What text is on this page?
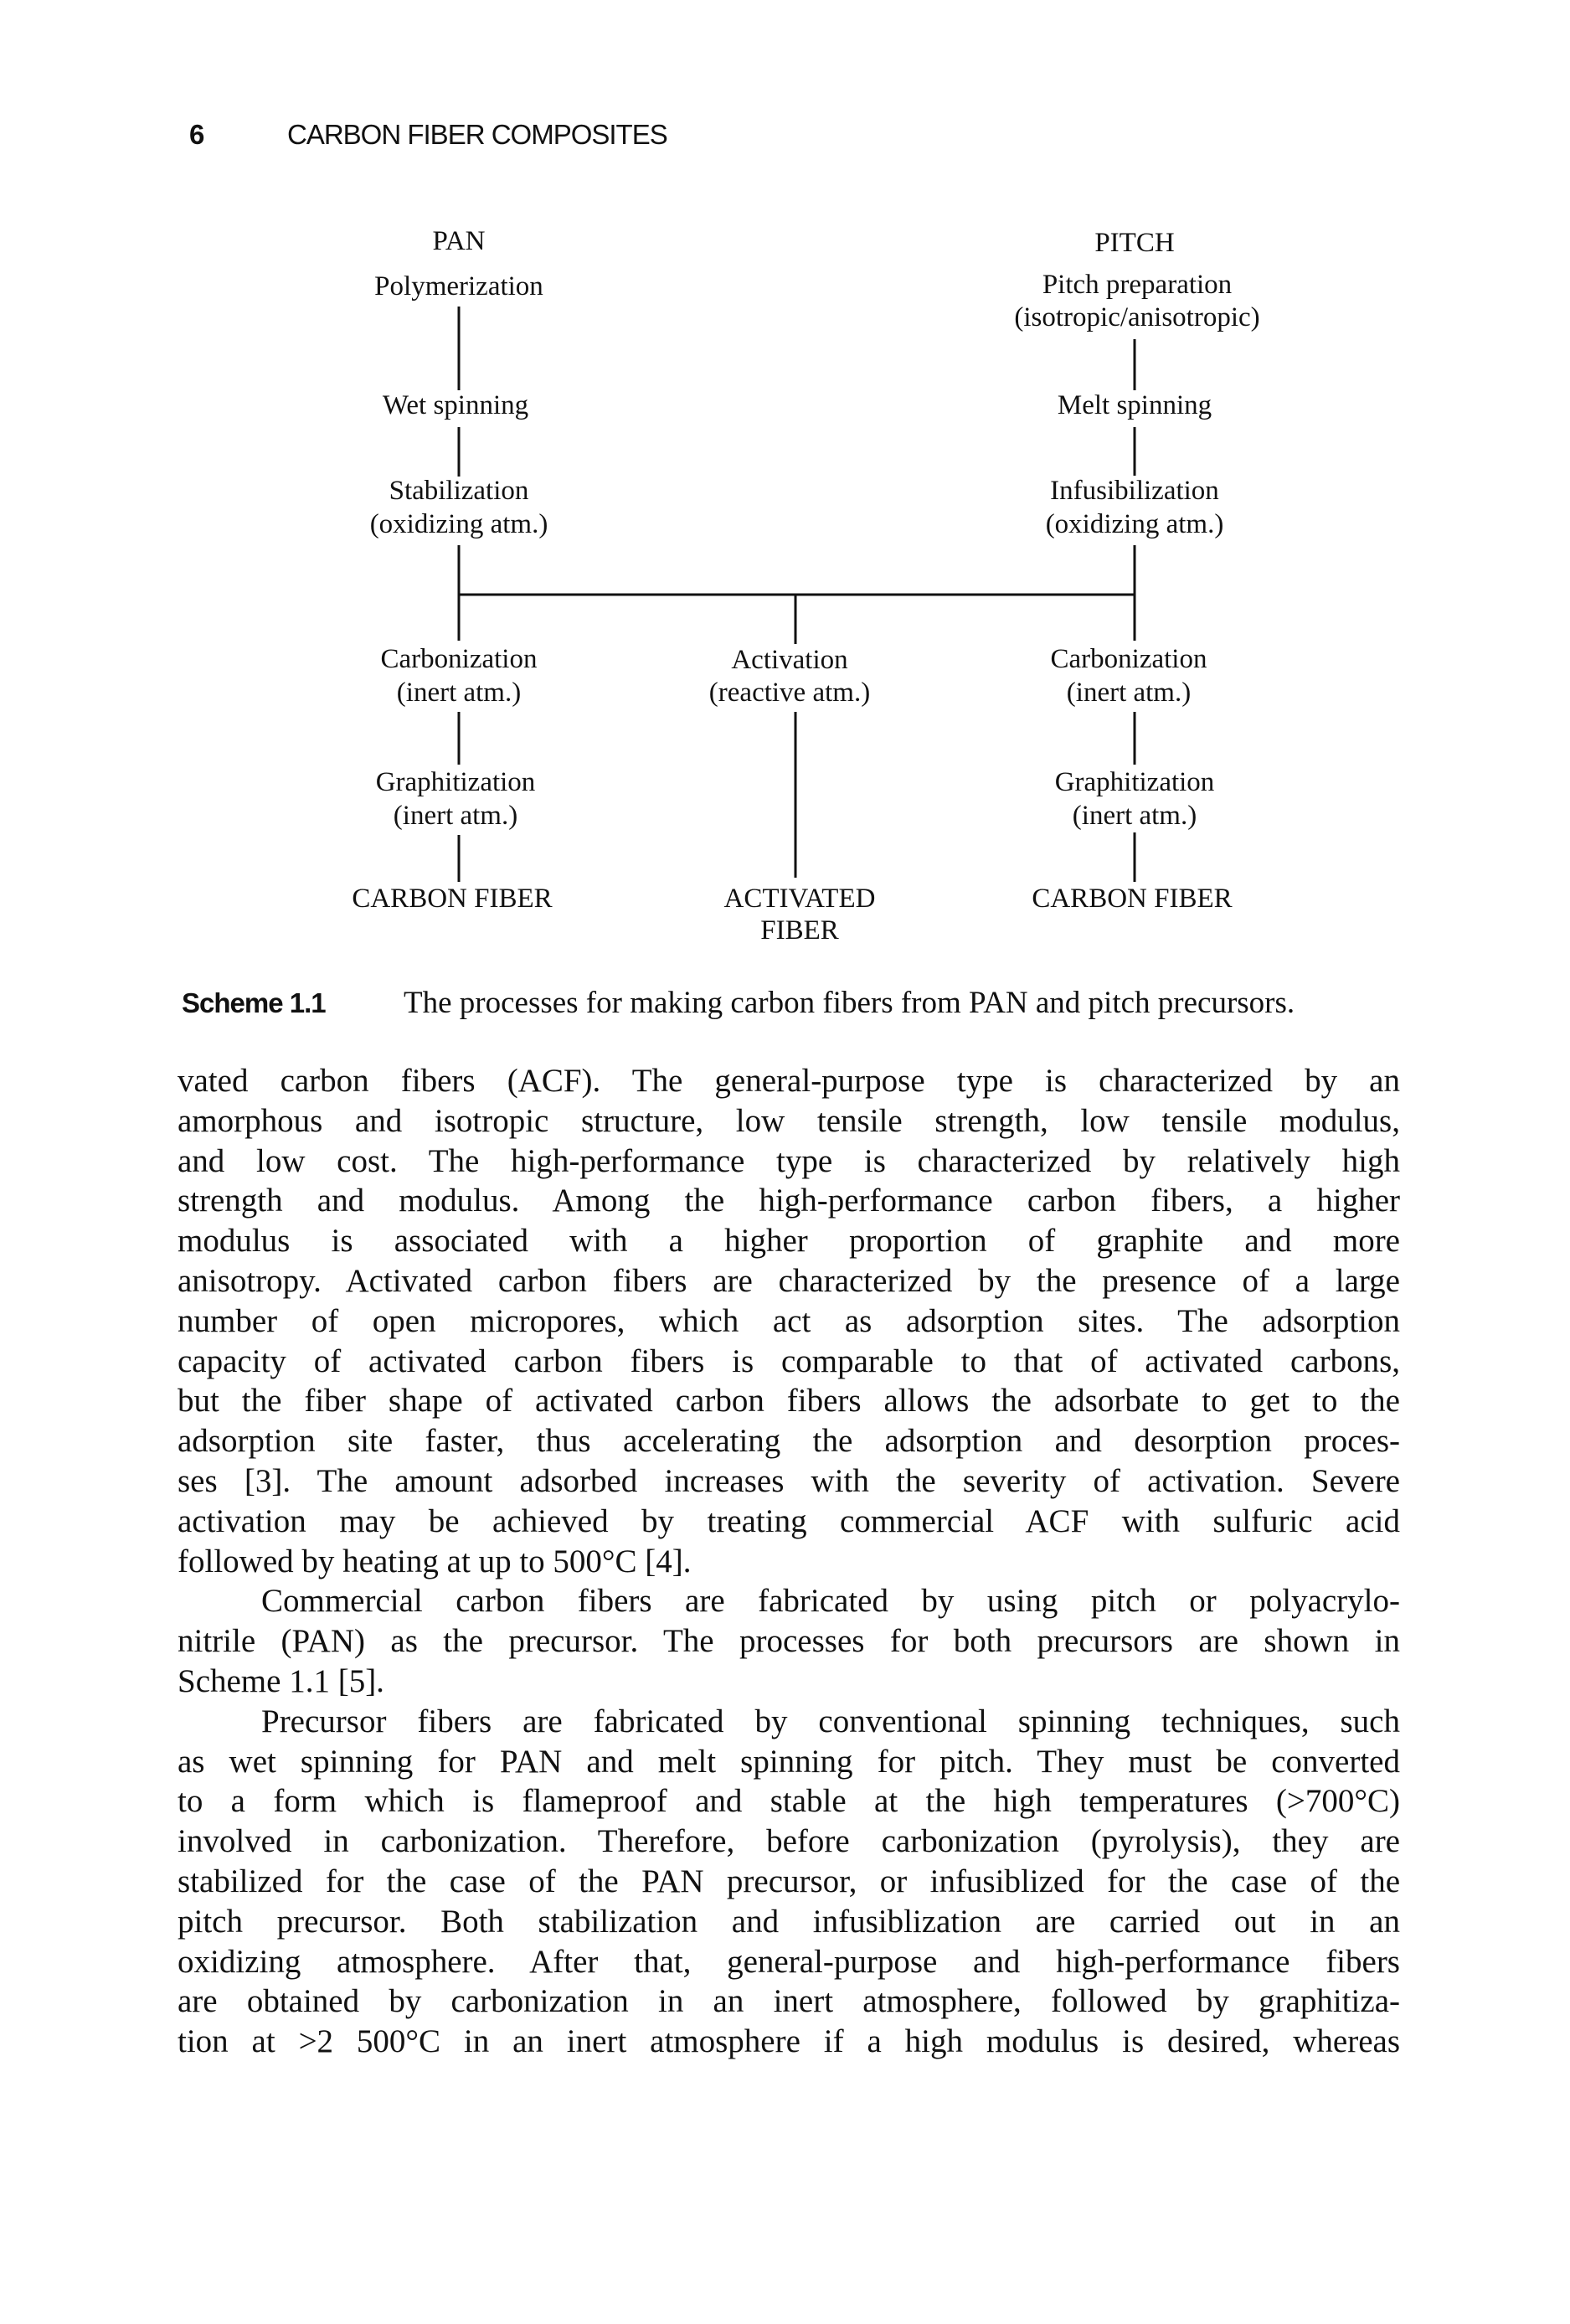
6	CARBON FIBER COMPOSITES
PAN
Polymerization
Wet spinning
Stabilization
(oxidizing atm.)
Carbonization
(inert atm.)
Graphitization
(inert atm.)
CARBON FIBER
Activation
(reactive atm.)
ACTIVATED
FIBER
PITCH
Pitch preparation
(isotropic/anisotropic)
Melt spinning
Infusibilization
(oxidizing atm.)
Carbonization
(inert atm.)
Graphitization
(inert atm.)
CARBON FIBER
Scheme 1.1	The processes for making carbon fibers from PAN and pitch precursors.
vated carbon fibers (ACF). The general-purpose type is characterized by an
amorphous and isotropic structure, low tensile strength, low tensile modulus,
and low cost. The high-performance type is characterized by relatively high
strength and modulus. Among the high-performance carbon fibers, a higher
modulus is associated with a higher proportion of graphite and more
anisotropy. Activated carbon fibers are characterized by the presence of a large
number of open micropores, which act as adsorption sites. The adsorption
capacity of activated carbon fibers is comparable to that of activated carbons,
but the fiber shape of activated carbon fibers allows the adsorbate to get to the
adsorption site faster, thus accelerating the adsorption and desorption proces-
ses [3]. The amount adsorbed increases with the severity of activation. Severe
activation may be achieved by treating commercial ACF with sulfuric acid
followed by heating at up to 500°C [4].
Commercial carbon fibers are fabricated by using pitch or polyacrylo-
nitrile (PAN) as the precursor. The processes for both precursors are shown in
Scheme 1.1 [5].
Precursor fibers are fabricated by conventional spinning techniques, such
as wet spinning for PAN and melt spinning for pitch. They must be converted
to a form which is flameproof and stable at the high temperatures (>700°C)
involved in carbonization. Therefore, before carbonization (pyrolysis), they are
stabilized for the case of the PAN precursor, or infusiblized for the case of the
pitch precursor. Both stabilization and infusiblization are carried out in an
oxidizing atmosphere. After that, general-purpose and high-performance fibers
are obtained by carbonization in an inert atmosphere, followed by graphitiza-
tion at >2 500°C in an inert atmosphere if a high modulus is desired, whereas
